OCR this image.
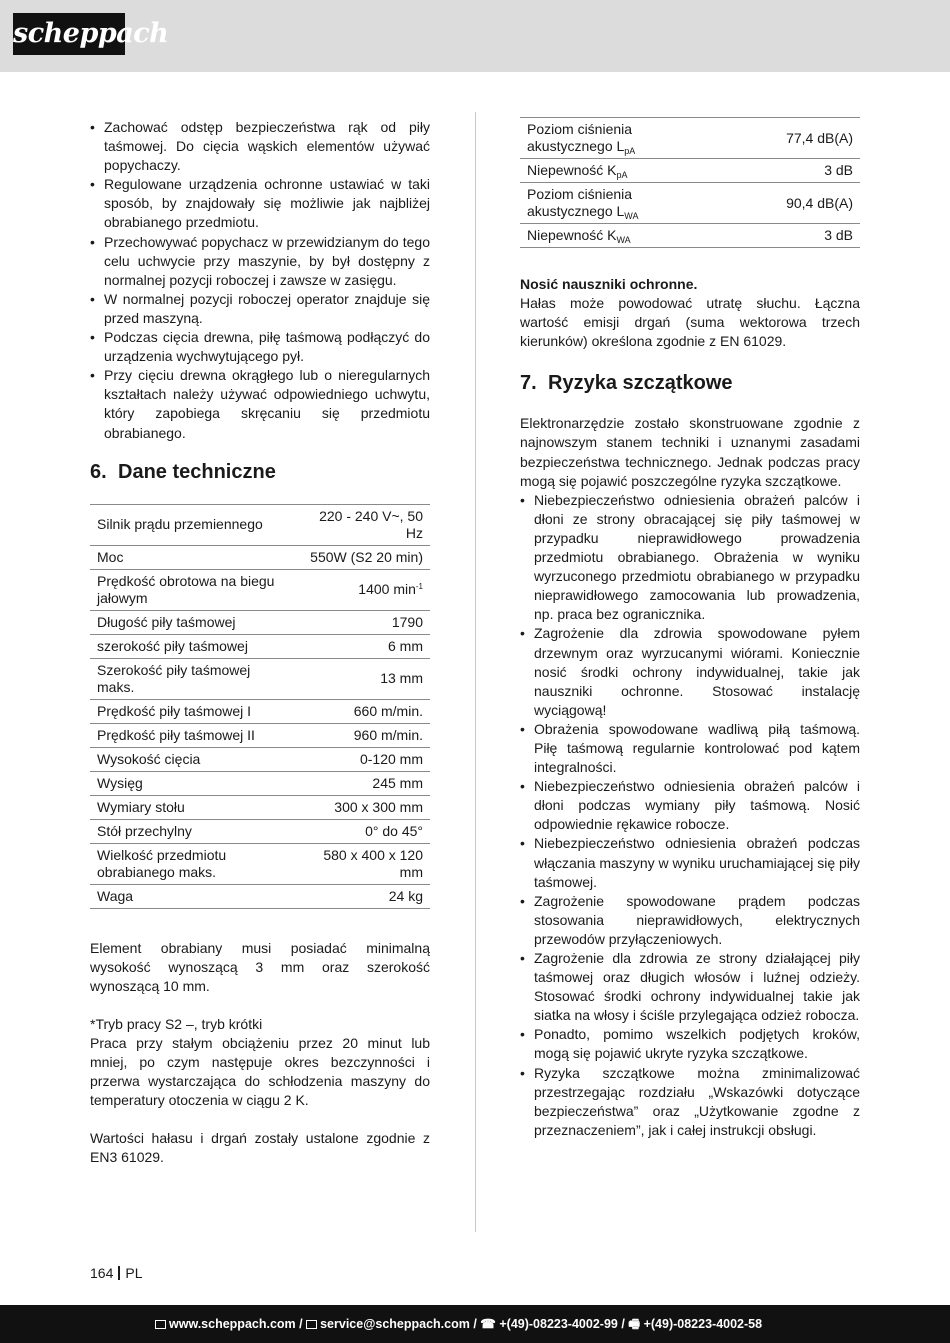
scheppach
• Zachować odstęp bezpieczeństwa rąk od piły taśmowej. Do cięcia wąskich elementów używać popychaczy.
• Regulowane urządzenia ochronne ustawiać w taki sposób, by znajdowały się możliwie jak najbliżej obrabianego przedmiotu.
• Przechowywać popychacz w przewidzianym do tego celu uchwycie przy maszynie, by był dostępny z normalnej pozycji roboczej i zawsze w zasięgu.
• W normalnej pozycji roboczej operator znajduje się przed maszyną.
• Podczas cięcia drewna, piłę taśmową podłączyć do urządzenia wychwytującego pył.
• Przy cięciu drewna okrągłego lub o nieregularnych kształtach należy używać odpowiedniego uchwytu, który zapobiega skręcaniu się przedmiotu obrabianego.
6. Dane techniczne
Silnik prądu przemiennego	220 - 240 V~, 50 Hz
Moc	550W (S2 20 min)
Prędkość obrotowa na biegu jałowym	1400 $\min^{-1}$
Długość piły taśmowej	1790
szerokość piły taśmowej	6 mm
Szerokość piły taśmowej maks.	13 mm
Prędkość piły taśmowej I	660 m/min.
Prędkość piły taśmowej II	960 m/min.
Wysokość cięcia	0-120 mm
Wysięg	245 mm
Wymiary stołu	300 x 300 mm
Stół przechylny	0° do 45°
Wielkość przedmiotu obrabianego maks.	580 x 400 x 120 mm
Waga	24 kg

Element obrabiany musi posiadać minimalną wysokość wynoszącą 3 mm oraz szerokość wynoszącą 10 mm.

*Tryb pracy S2 –, tryb krótki

Praca przy stałym obciążeniu przez 20 minut lub mniej, po czym następuje okres bezczynności i przerwa wystarczająca do schłodzenia maszyny do temperatury otoczenia w ciągu 2 K.

Wartości hałasu i drgań zostały ustalone zgodnie z EN3 61029.

Poziom ciśnienia akustycznego $L_{pA}$	77,4 dB(A)
Niepewność $K_{pA}$	3 dB
Poziom ciśnienia akustycznego $L_{WA}$	90,4 dB(A)
Niepewność $K_{WA}$	3 dB

Nosić nauszniki ochronne.
Hałas może powodować utratę słuchu. Łączna wartość emisji drgań (suma wektorowa trzech kierunków) określona zgodnie z EN 61029.

7. Ryzyka szczątkowe

Elektronarzędzie zostało skonstruowane zgodnie z najnowszym stanem techniki i uznanymi zasadami bezpieczeństwa technicznego. Jednak podczas pracy mogą się pojawić poszczególne ryzyka szczątkowe.

• Niebezpieczeństwo odniesienia obrażeń palców i dłoni ze strony obracającej się piły taśmowej w przypadku nieprawidłowego prowadzenia przedmiotu obrabianego. Obrażenia w wyniku wyrzuconego przedmiotu obrabianego w przypadku nieprawidłowego zamocowania lub prowadzenia, np. praca bez ogranicznika.
• Zagrożenie dla zdrowia spowodowane pyłem drzewnym oraz wyrzucanymi wiórami. Koniecznie nosić środki ochrony indywidualnej, takie jak nauszniki ochronne. Stosować instalację wyciągową!
• Obrażenia spowodowane wadliwą piłą taśmową. Piłę taśmową regularnie kontrolować pod kątem integralności.
• Niebezpieczeństwo odniesienia obrażeń palców i dłoni podczas wymiany piły taśmową. Nosić odpowiednie rękawice robocze.
• Niebezpieczeństwo odniesienia obrażeń podczas włączania maszyny w wyniku uruchamiającej się piły taśmowej.
• Zagrożenie spowodowane prądem podczas stosowania nieprawidłowych, elektrycznych przewodów przyłączeniowych.
• Zagrożenie dla zdrowia ze strony działającej piły taśmowej oraz długich włosów i luźnej odzieży. Stosować środki ochrony indywidualnej takie jak siatka na włosy i ściśle przylegająca odzież robocza.
• Ponadto, pomimo wszelkich podjętych kroków, mogą się pojawić ukryte ryzyka szczątkowe.
• Ryzyka szczątkowe można zminimalizować przestrzegając rozdziału „Wskazówki dotyczące bezpieczeństwa” oraz „Użytkowanie zgodne z przeznaczeniem”, jak i całej instrukcji obsługi.
164 PL
www.scheppach.com / service@scheppach.com / ☎ +(49)-08223-4002-99 / 🖷 +(49)-08223-4002-58
